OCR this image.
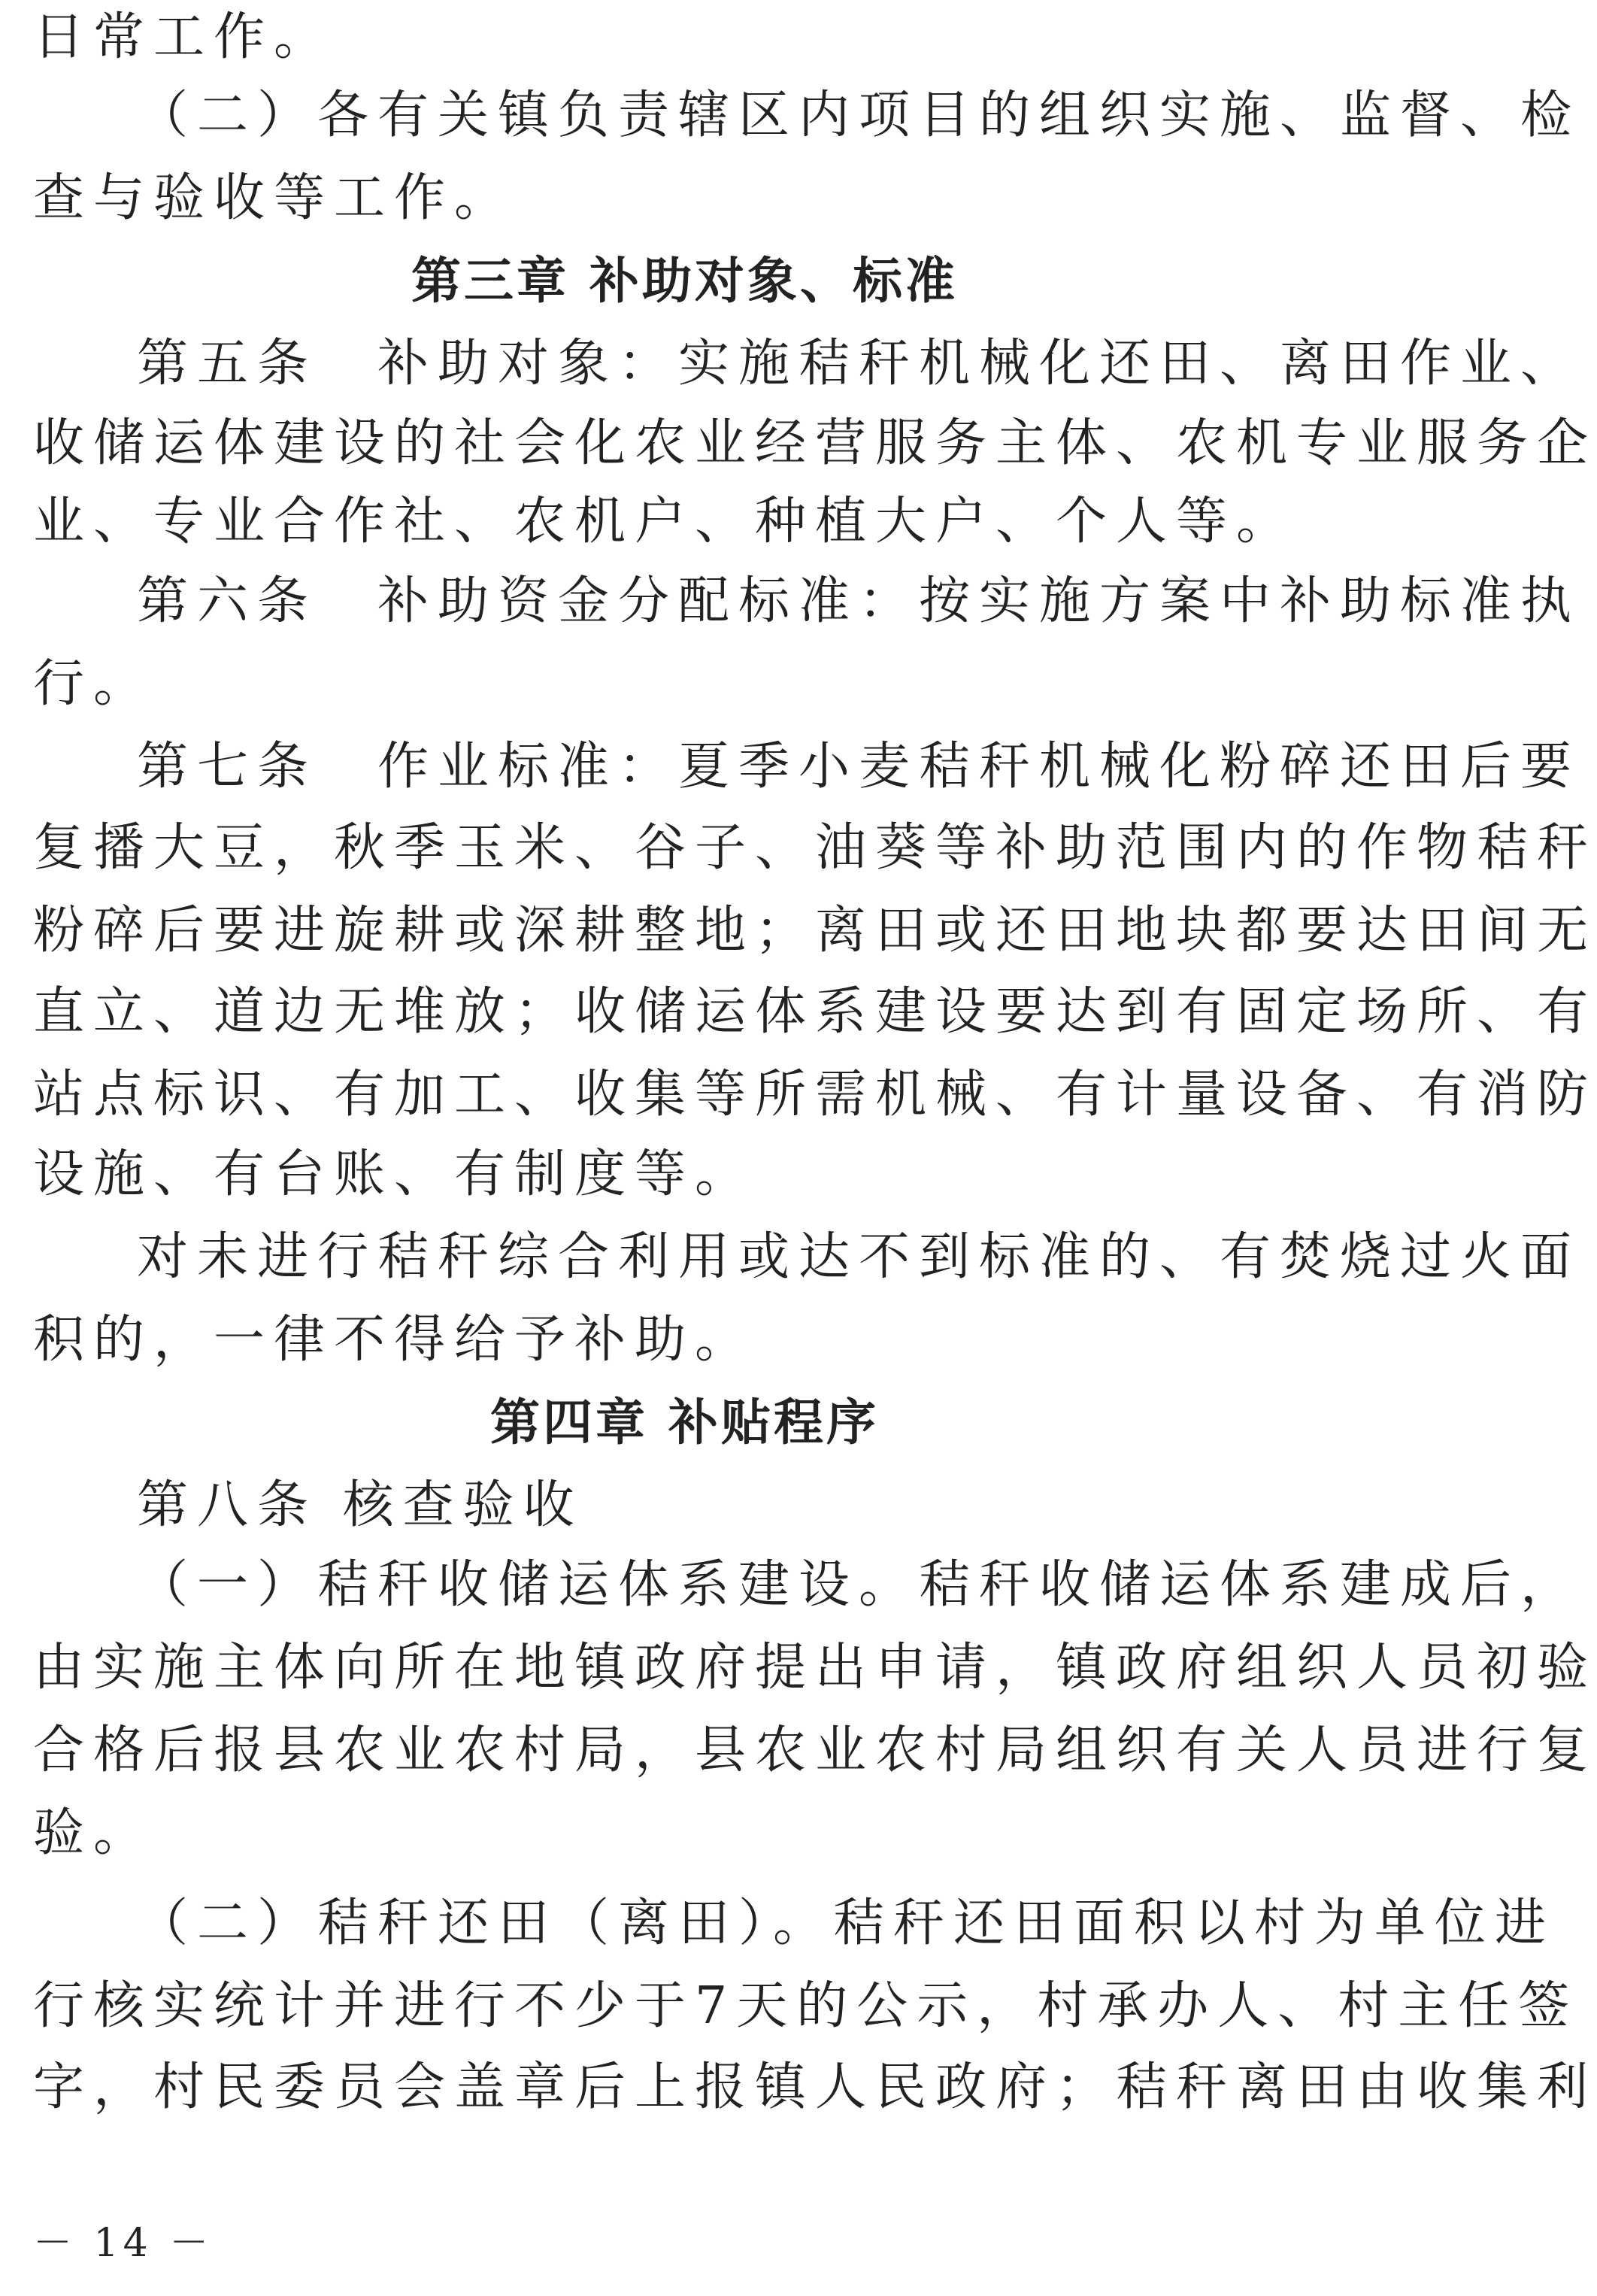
日常工作。

（二）各有关镇负责辖区内项目的组织实施、监督、检

查与验收等工作。

第三章 补助对象、标准

第五条　补助对象：实施秸秆机械化还田、离田作业、

收储运体建设的社会化农业经营服务主体、农机专业服务企

业、专业合作社、农机户、种植大户、个人等。

第六条　补助资金分配标准：按实施方案中补助标准执

行。

第七条　作业标准：夏季小麦秸秆机械化粉碎还田后要

复播大豆，秋季玉米、谷子、油葵等补助范围内的作物秸秆

粉碎后要进旋耕或深耕整地；离田或还田地块都要达田间无

直立、道边无堆放；收储运体系建设要达到有固定场所、有

站点标识、有加工、收集等所需机械、有计量设备、有消防

设施、有台账、有制度等。

对未进行秸秆综合利用或达不到标准的、有焚烧过火面

积的，一律不得给予补助。

第四章 补贴程序

第八条 核查验收

（一）秸秆收储运体系建设。秸秆收储运体系建成后，

由实施主体向所在地镇政府提出申请，镇政府组织人员初验

合格后报县农业农村局，县农业农村局组织有关人员进行复

验。

（二）秸秆还田（离田）。秸秆还田面积以村为单位进

行核实统计并进行不少于7天的公示，村承办人、村主任签

字，村民委员会盖章后上报镇人民政府；秸秆离田由收集利

－ 14 －
